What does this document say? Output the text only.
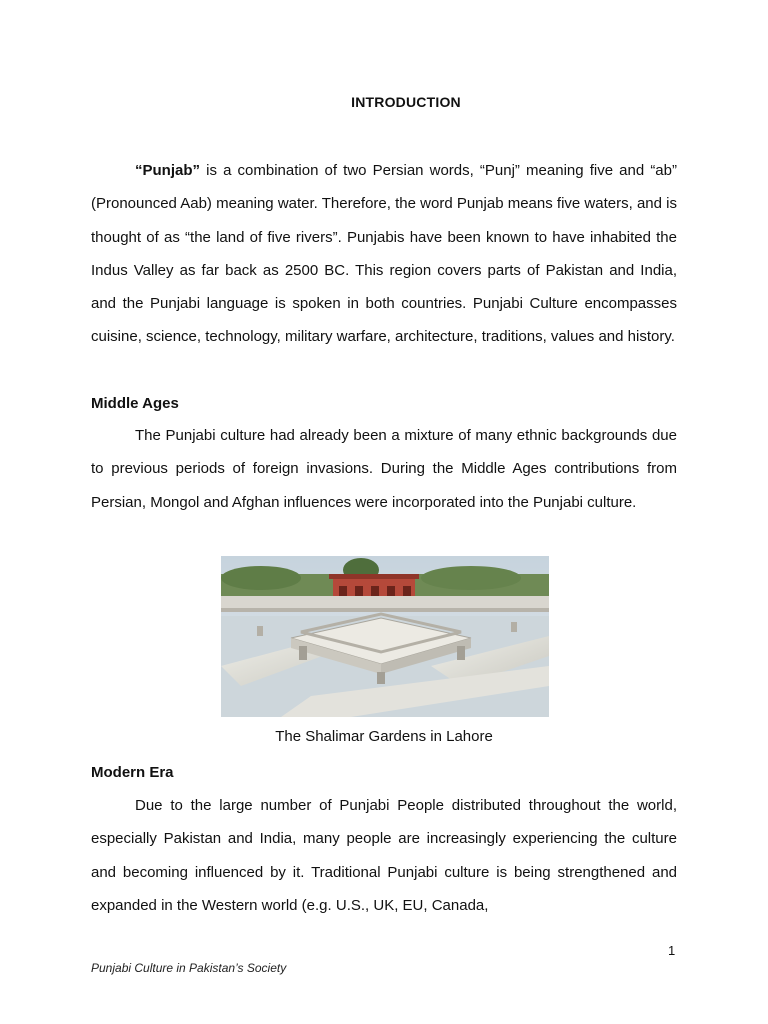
INTRODUCTION

“Punjab” is a combination of two Persian words, “Punj” meaning five and “ab” (Pronounced Aab) meaning water. Therefore, the word Punjab means five waters, and is thought of as “the land of five rivers”. Punjabis have been known to have inhabited the Indus Valley as far back as 2500 BC. This region covers parts of Pakistan and India, and the Punjabi language is spoken in both countries. Punjabi Culture encompasses cuisine, science, technology, military warfare, architecture, traditions, values and history.

Middle Ages

The Punjabi culture had already been a mixture of many ethnic backgrounds due to previous periods of foreign invasions. During the Middle Ages contributions from Persian, Mongol and Afghan influences were incorporated into the Punjabi culture.

The Shalimar Gardens in Lahore
Modern Era

Due to the large number of Punjabi People distributed throughout the world, especially Pakistan and India, many people are increasingly experiencing the culture and becoming influenced by it. Traditional Punjabi culture is being strengthened and expanded in the Western world (e.g. U.S., UK, EU, Canada,

1
Punjabi Culture in Pakistan’s Society
